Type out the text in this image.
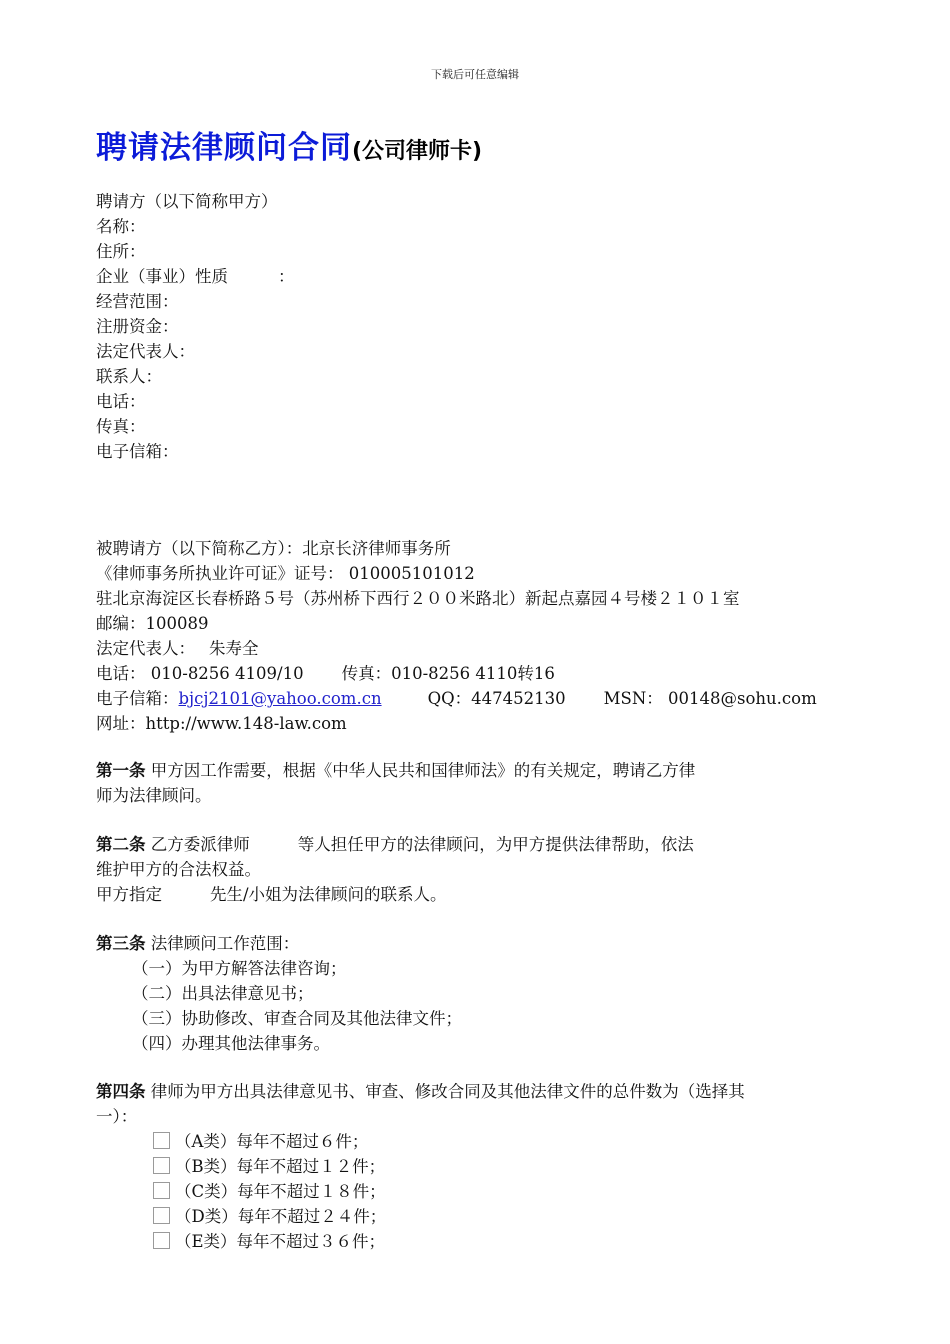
下载后可任意编辑
聘请法律顾问合同(公司律师卡)
聘请方（以下简称甲方）
名称：
住所：
企业（事业）性质	：
经营范围：
注册资金：
法定代表人：
联系人：
电话：
传真：
电子信箱：
被聘请方（以下简称乙方）：北京长济律师事务所
《律师事务所执业许可证》证号： 010005101012
驻北京海淀区长春桥路５号（苏州桥下西行２００米路北）新起点嘉园４号楼２１０１室
邮编：100089
法定代表人： 朱寿全
电话： 010-8256 4109/10 传真：010-8256 4110转16
电子信箱：bjcj2101@yahoo.com.cn	QQ：447452130 MSN： 00148@sohu.com
网址：http://www.148-law.com
第一条 甲方因工作需要，根据《中华人民共和国律师法》的有关规定，聘请乙方律
师为法律顾问。
第二条 乙方委派律师	等人担任甲方的法律顾问，为甲方提供法律帮助，依法
维护甲方的合法权益。
甲方指定	先生/小姐为法律顾问的联系人。
第三条 法律顾问工作范围：
（一）为甲方解答法律咨询；
（二）出具法律意见书；
（三）协助修改、审查合同及其他法律文件；
（四）办理其他法律事务。
第四条 律师为甲方出具法律意见书、审查、修改合同及其他法律文件的总件数为（选择其
一）：
（A类）每年不超过６件；
（B类）每年不超过１２件；
（C类）每年不超过１８件；
（D类）每年不超过２４件；
（E类）每年不超过３６件；
